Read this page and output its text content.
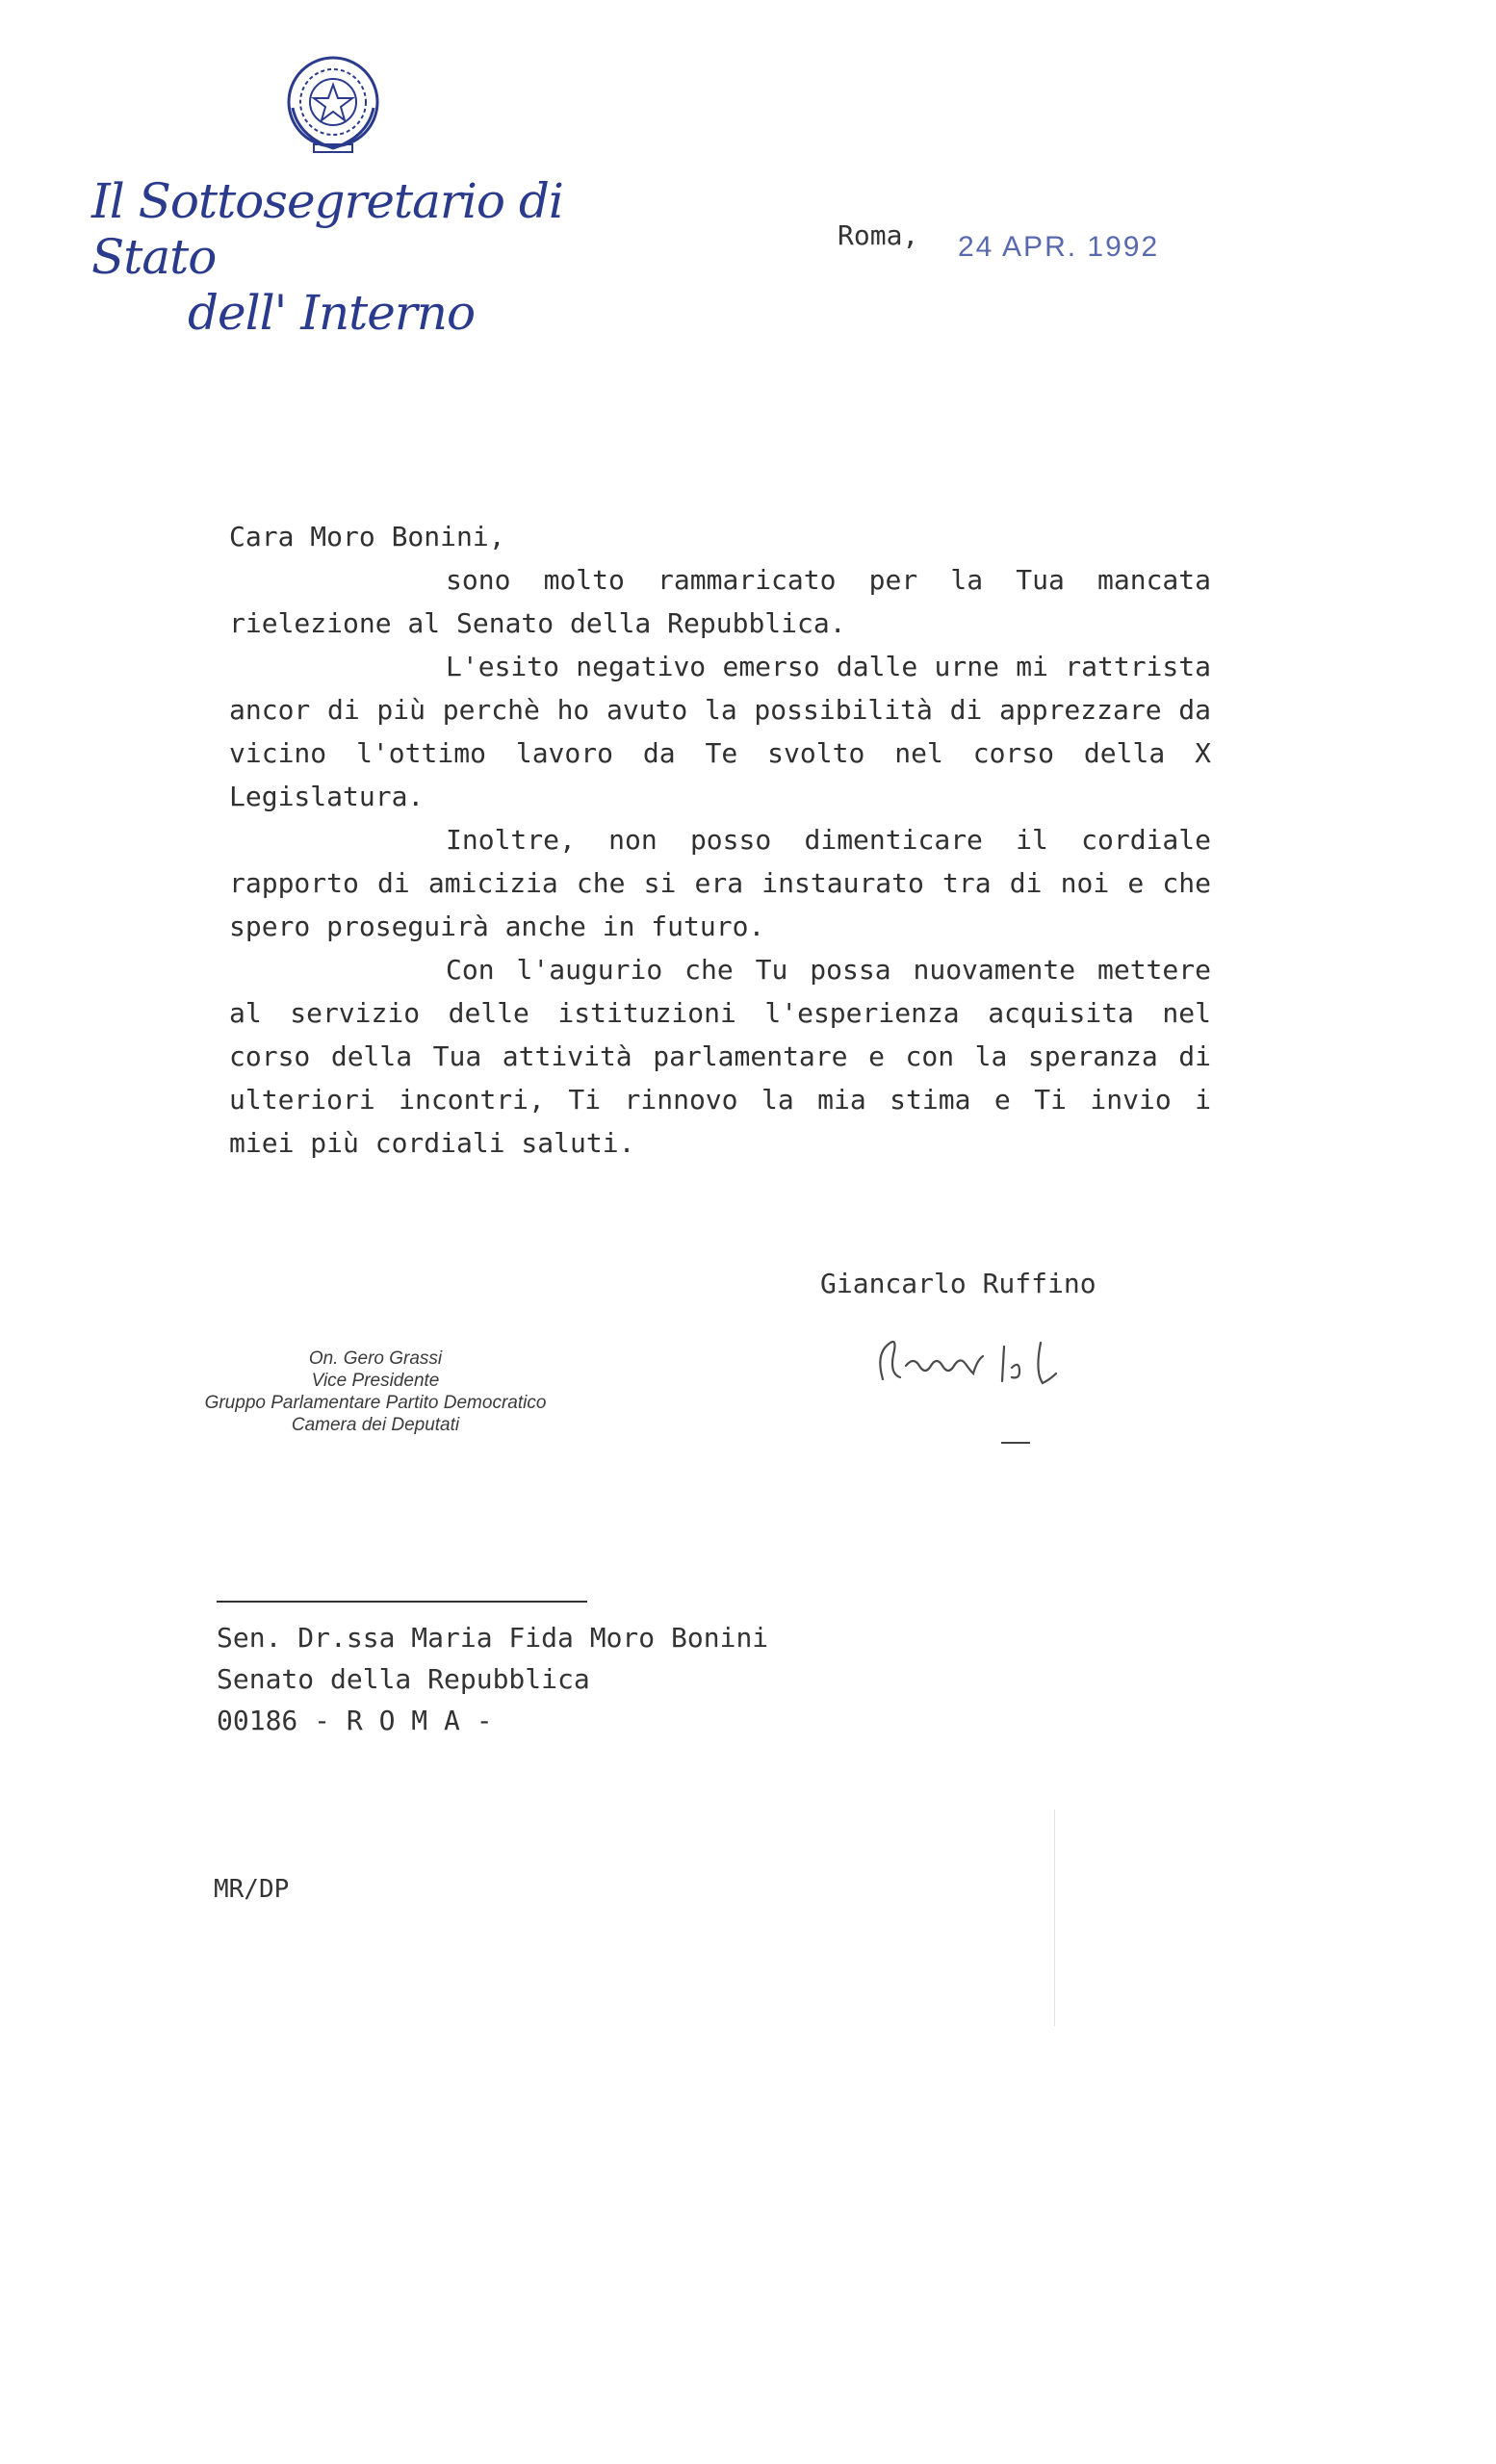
Il Sottosegretario di Stato
dell' Interno
Roma, 24 APR. 1992

Cara Moro Bonini,

sono molto rammaricato per la Tua mancata rielezione al Senato della Repubblica.

L'esito negativo emerso dalle urne mi rattrista ancor di più perchè ho avuto la possibilità di apprezzare da vicino l'ottimo lavoro da Te svolto nel corso della X Legislatura.

Inoltre, non posso dimenticare il cordiale rapporto di amicizia che si era instaurato tra di noi e che spero proseguirà anche in futuro.

Con l'augurio che Tu possa nuovamente mettere al servizio delle istituzioni l'esperienza acquisita nel corso della Tua attività parlamentare e con la speranza di ulteriori incontri, Ti rinnovo la mia stima e Ti invio i miei più cordiali saluti.

Giancarlo Ruffino
On. Gero Grassi
Vice Presidente
Gruppo Parlamentare Partito Democratico
Camera dei Deputati
Sen. Dr.ssa Maria Fida Moro Bonini
Senato della Repubblica
00186 - R O M A -
MR/DP
